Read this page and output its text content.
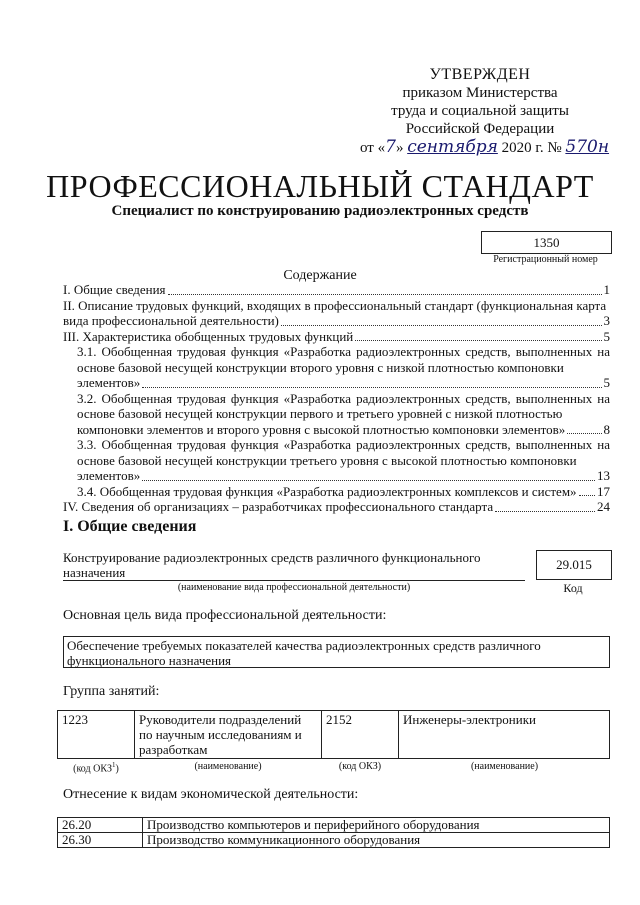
УТВЕРЖДЕН
приказом Министерства
труда и социальной защиты
Российской Федерации
от «7» сентября 2020 г. № 570н
ПРОФЕССИОНАЛЬНЫЙ СТАНДАРТ
Специалист по конструированию радиоэлектронных средств
1350
Регистрационный номер
Содержание
I. Общие сведения	1
II. Описание трудовых функций, входящих в профессиональный стандарт (функциональная карта
вида профессиональной деятельности)	3
III. Характеристика обобщенных трудовых функций	5
3.1. Обобщенная трудовая функция «Разработка радиоэлектронных средств, выполненных на основе базовой несущей конструкции второго уровня с низкой плотностью компоновки
элементов»	5
3.2. Обобщенная трудовая функция «Разработка радиоэлектронных средств, выполненных на основе базовой несущей конструкции первого и третьего уровней с низкой плотностью
компоновки элементов и второго уровня с высокой плотностью компоновки элементов»	8
3.3. Обобщенная трудовая функция «Разработка радиоэлектронных средств, выполненных на основе базовой несущей конструкции третьего уровня с высокой плотностью компоновки
элементов»	13
3.4. Обобщенная трудовая функция «Разработка радиоэлектронных комплексов и систем» 17
IV. Сведения об организациях – разработчиках профессионального стандарта	24
I. Общие сведения
Конструирование радиоэлектронных средств различного функционального назначения
29.015
(наименование вида профессиональной деятельности)	Код
Основная цель вида профессиональной деятельности:
Обеспечение требуемых показателей качества радиоэлектронных средств различного функционального назначения
Группа занятий:
1223	Руководители подразделений по научным исследованиям и разработкам	2152	Инженеры-электроники
(код ОКЗ$^1$)	(наименование)	(код ОКЗ)	(наименование)
Отнесение к видам экономической деятельности:
26.20	Производство компьютеров и периферийного оборудования
26.30	Производство коммуникационного оборудования
